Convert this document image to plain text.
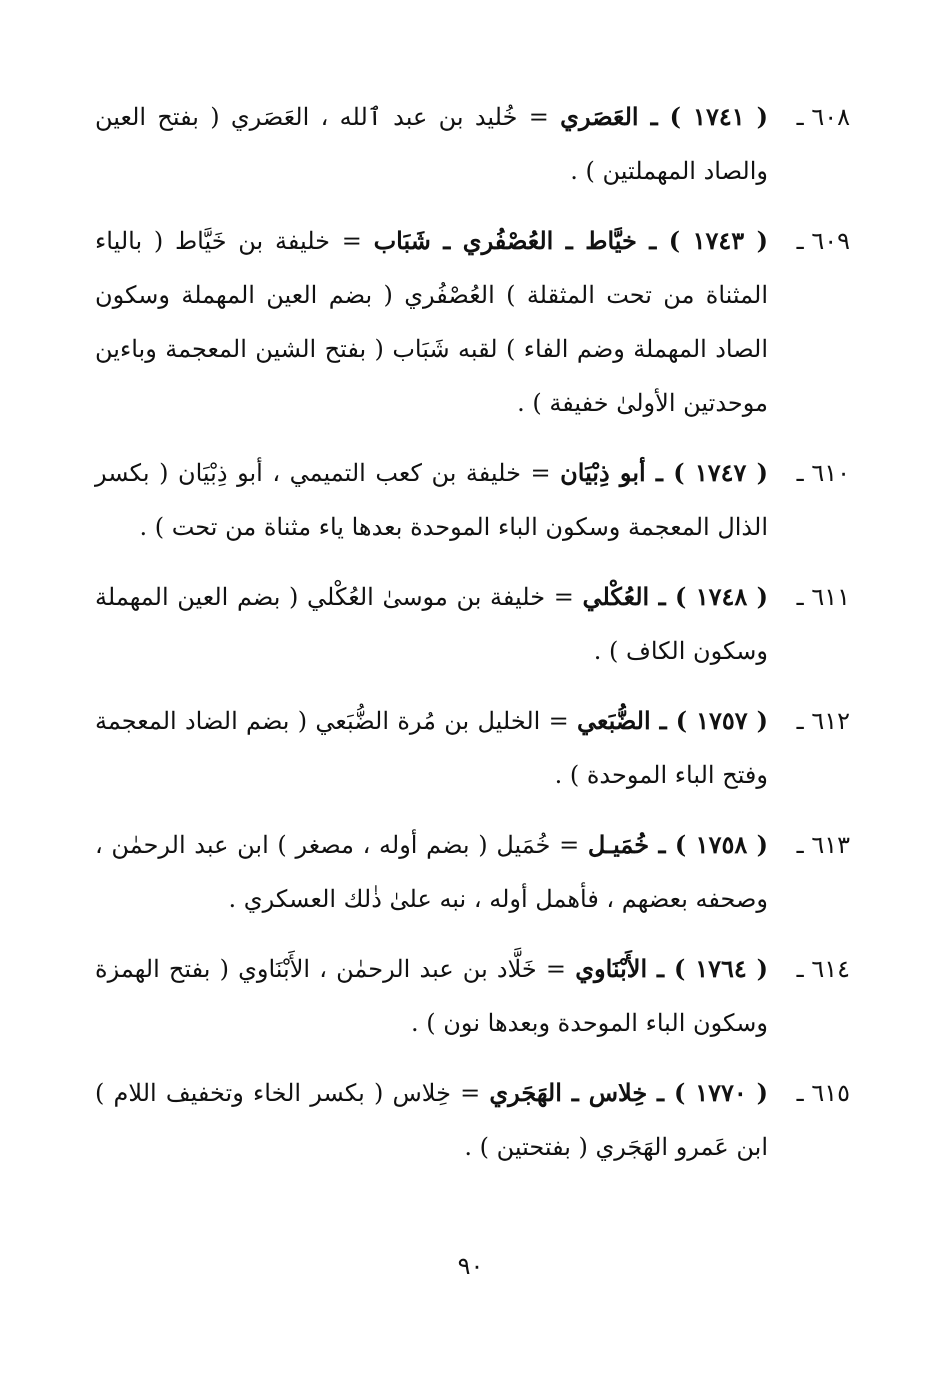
٦٠٨ ـ
( ١٧٤١ ) ـ العَصَري = خُليد بن عبد ٱلله ، العَصَري ( بفتح العين والصاد المهملتين ) .
٦٠٩ ـ
( ١٧٤٣ ) ـ خيَّاط ـ العُصْفُري ـ شَبَاب = خليفة بن خَيَّاط ( بالياء المثناة من تحت المثقلة ) العُصْفُري ( بضم العين المهملة وسكون الصاد المهملة وضم الفاء ) لقبه شَبَاب ( بفتح الشين المعجمة وباءين موحدتين الأولىٰ خفيفة ) .
٦١٠ ـ
( ١٧٤٧ ) ـ أبو ذِبْيَان = خليفة بن كعب التميمي ، أبو ذِبْيَان ( بكسر الذال المعجمة وسكون الباء الموحدة بعدها ياء مثناة من تحت ) .
٦١١ ـ
( ١٧٤٨ ) ـ العُكْلي = خليفة بن موسىٰ العُكْلي ( بضم العين المهملة وسكون الكاف ) .
٦١٢ ـ
( ١٧٥٧ ) ـ الضُّبَعي = الخليل بن مُرة الضُّبَعي ( بضم الضاد المعجمة وفتح الباء الموحدة ) .
٦١٣ ـ
( ١٧٥٨ ) ـ خُمَيـل = خُمَيل ( بضم أوله ، مصغر ) ابن عبد الرحمٰن ، وصحفه بعضهم ، فأهمل أوله ، نبه علىٰ ذٰلك العسكري .
٦١٤ ـ
( ١٧٦٤ ) ـ الأَبْنَاوي = خَلَّاد بن عبد الرحمٰن ، الأَبْنَاوي ( بفتح الهمزة وسكون الباء الموحدة وبعدها نون ) .
٦١٥ ـ
( ١٧٧٠ ) ـ خِلاس ـ الهَجَري = خِلاس ( بكسر الخاء وتخفيف اللام ) ابن عَمرو الهَجَري ( بفتحتين ) .
٩٠
